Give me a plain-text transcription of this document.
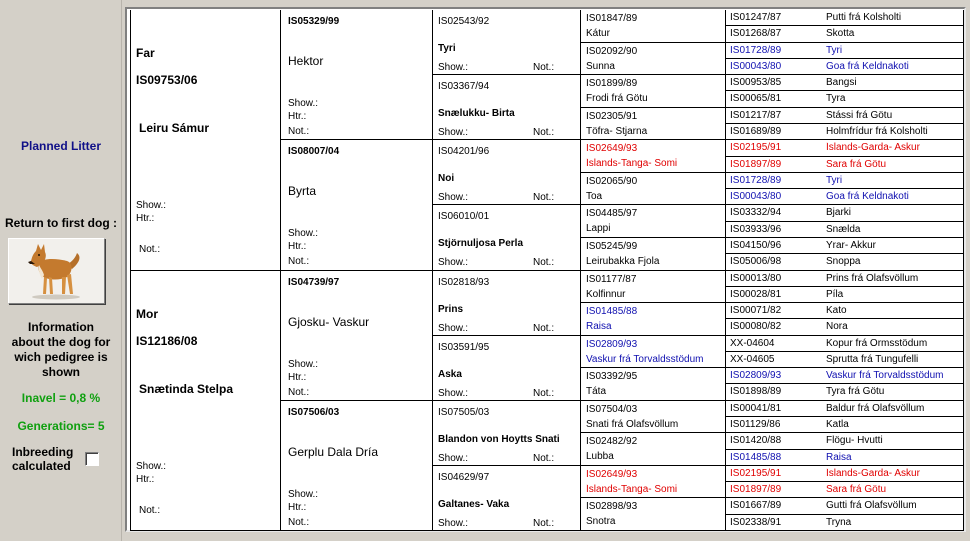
Planned Litter
Return to first dog :
Information
about the dog for
wich pedigree is
shown
Inavel = 0,8 %
Generations= 5
Inbreeding
calculated
Far
IS09753/06
Leiru Sámur
Show.:
Htr.:
Not.:
Mor
IS12186/08
Snætinda Stelpa
Show.:
Htr.:
Not.:
IS05329/99
Hektor
Show.:
Htr.:
Not.:
IS08007/04
Byrta
Show.:
Htr.:
Not.:
IS04739/97
Gjosku- Vaskur
Show.:
Htr.:
Not.:
IS07506/03
Gerplu Dala Dría
Show.:
Htr.:
Not.:
IS02543/92
Tyri
Show.:	Not.:
IS03367/94
Snælukku- Birta
Show.:	Not.:
IS04201/96
Noi
Show.:	Not.:
IS06010/01
Stjörnuljosa Perla
Show.:	Not.:
IS02818/93
Prins
Show.:	Not.:
IS03591/95
Aska
Show.:	Not.:
IS07505/03
Blandon von Hoytts Snati
Show.:	Not.:
IS04629/97
Galtanes- Vaka
Show.:	Not.:
IS01847/89
Kátur
IS02092/90
Sunna
IS01899/89
Frodi frá Götu
IS02305/91
Töfra- Stjarna
IS02649/93
Íslands-Tanga- Somi
IS02065/90
Toa
IS04485/97
Lappi
IS05245/99
Leirubakka Fjola
IS01177/87
Kolfinnur
IS01485/88
Raisa
IS02809/93
Vaskur frá Torvaldsstödum
IS03392/95
Táta
IS07504/03
Snati frá Olafsvöllum
IS02482/92
Lubba
IS02649/93
Íslands-Tanga- Somi
IS02898/93
Snotra
IS01247/87	Putti frá Kolsholti
IS01268/87	Skotta
IS01728/89	Tyri
IS00043/80	Goa frá Keldnakoti
IS00953/85	Bangsi
IS00065/81	Tyra
IS01217/87	Stássi frá Götu
IS01689/89	Holmfrídur frá Kolsholti
IS02195/91	Íslands-Garda- Askur
IS01897/89	Sara frá Götu
IS01728/89	Tyri
IS00043/80	Goa frá Keldnakoti
IS03332/94	Bjarki
IS03933/96	Snælda
IS04150/96	Yrar- Akkur
IS05006/98	Snoppa
IS00013/80	Prins frá Olafsvöllum
IS00028/81	Píla
IS00071/82	Kato
IS00080/82	Nora
XX-04604	Kopur frá Ormsstödum
XX-04605	Sprutta frá Tungufelli
IS02809/93	Vaskur frá Torvaldsstödum
IS01898/89	Tyra frá Götu
IS00041/81	Baldur frá Olafsvöllum
IS01129/86	Katla
IS01420/88	Flögu- Hvutti
IS01485/88	Raisa
IS02195/91	Íslands-Garda- Askur
IS01897/89	Sara frá Götu
IS01667/89	Gutti frá Olafsvöllum
IS02338/91	Tryna
